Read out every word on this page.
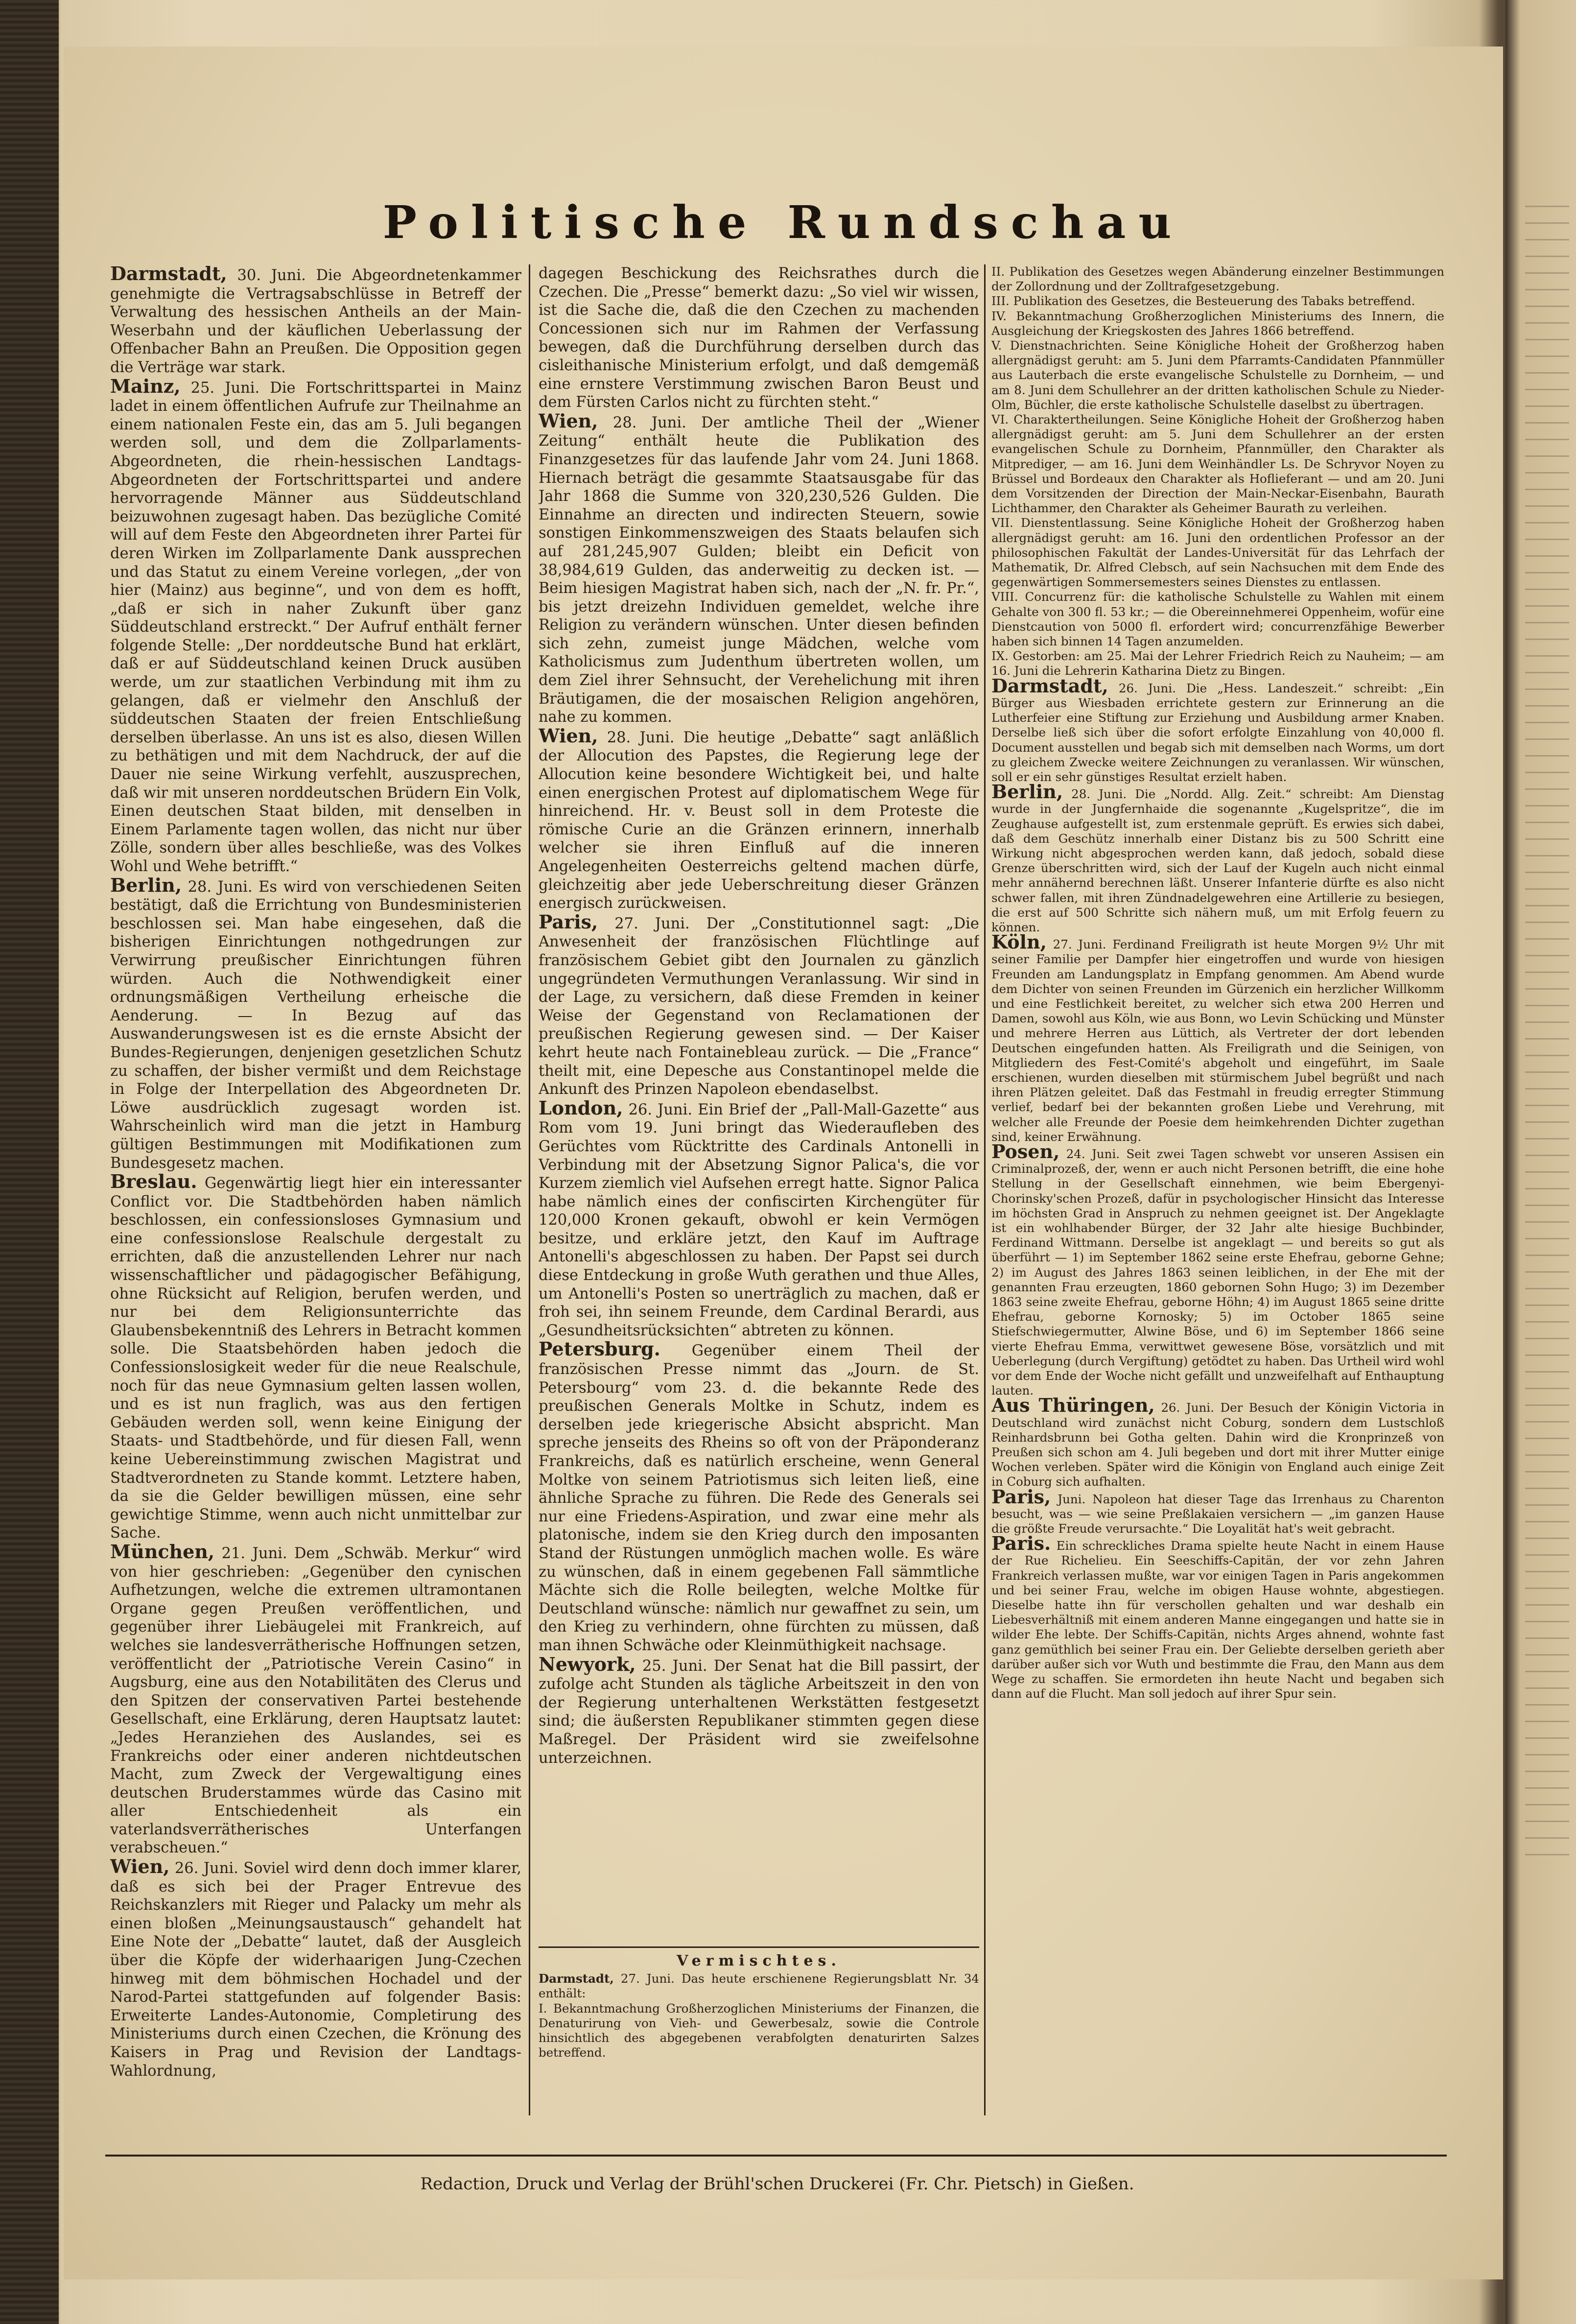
Politische Rundschau

Darmstadt, 30. Juni. Die Abgeordnetenkammer genehmigte die Vertragsabschlüsse in Betreff der Verwaltung des hessischen Antheils an der Main-Weserbahn und der käuflichen Ueberlassung der Offenbacher Bahn an Preußen. Die Opposition gegen die Verträge war stark.

Mainz, 25. Juni. Die Fortschrittspartei in Mainz ladet in einem öffentlichen Aufrufe zur Theilnahme an einem nationalen Feste ein, das am 5. Juli begangen werden soll, und dem die Zollparlaments-Abgeordneten, die rhein-hessischen Landtags-Abgeordneten der Fortschrittspartei und andere hervorragende Männer aus Süddeutschland beizuwohnen zugesagt haben. Das bezügliche Comité will auf dem Feste den Abgeordneten ihrer Partei für deren Wirken im Zollparlamente Dank aussprechen und das Statut zu einem Vereine vorlegen, „der von hier (Mainz) aus beginne“, und von dem es hofft, „daß er sich in naher Zukunft über ganz Süddeutschland erstreckt.“ Der Aufruf enthält ferner folgende Stelle: „Der norddeutsche Bund hat erklärt, daß er auf Süddeutschland keinen Druck ausüben werde, um zur staatlichen Verbindung mit ihm zu gelangen, daß er vielmehr den Anschluß der süddeutschen Staaten der freien Entschließung derselben überlasse. An uns ist es also, diesen Willen zu bethätigen und mit dem Nachdruck, der auf die Dauer nie seine Wirkung verfehlt, auszusprechen, daß wir mit unseren norddeutschen Brüdern Ein Volk, Einen deutschen Staat bilden, mit denselben in Einem Parlamente tagen wollen, das nicht nur über Zölle, sondern über alles beschließe, was des Volkes Wohl und Wehe betrifft.“

Berlin, 28. Juni. Es wird von verschiedenen Seiten bestätigt, daß die Errichtung von Bundesministerien beschlossen sei. Man habe eingesehen, daß die bisherigen Einrichtungen nothgedrungen zur Verwirrung preußischer Einrichtungen führen würden. Auch die Nothwendigkeit einer ordnungsmäßigen Vertheilung erheische die Aenderung. — In Bezug auf das Auswanderungswesen ist es die ernste Absicht der Bundes-Regierungen, denjenigen gesetzlichen Schutz zu schaffen, der bisher vermißt und dem Reichstage in Folge der Interpellation des Abgeordneten Dr. Löwe ausdrücklich zugesagt worden ist. Wahrscheinlich wird man die jetzt in Hamburg gültigen Bestimmungen mit Modifikationen zum Bundesgesetz machen.

Breslau. Gegenwärtig liegt hier ein interessanter Conflict vor. Die Stadtbehörden haben nämlich beschlossen, ein confessionsloses Gymnasium und eine confessionslose Realschule dergestalt zu errichten, daß die anzustellenden Lehrer nur nach wissenschaftlicher und pädagogischer Befähigung, ohne Rücksicht auf Religion, berufen werden, und nur bei dem Religionsunterrichte das Glaubensbekenntniß des Lehrers in Betracht kommen solle. Die Staatsbehörden haben jedoch die Confessionslosigkeit weder für die neue Realschule, noch für das neue Gymnasium gelten lassen wollen, und es ist nun fraglich, was aus den fertigen Gebäuden werden soll, wenn keine Einigung der Staats- und Stadtbehörde, und für diesen Fall, wenn keine Uebereinstimmung zwischen Magistrat und Stadtverordneten zu Stande kommt. Letztere haben, da sie die Gelder bewilligen müssen, eine sehr gewichtige Stimme, wenn auch nicht unmittelbar zur Sache.

München, 21. Juni. Dem „Schwäb. Merkur“ wird von hier geschrieben: „Gegenüber den cynischen Aufhetzungen, welche die extremen ultramontanen Organe gegen Preußen veröffentlichen, und gegenüber ihrer Liebäugelei mit Frankreich, auf welches sie landesverrätherische Hoffnungen setzen, veröffentlicht der „Patriotische Verein Casino“ in Augsburg, eine aus den Notabilitäten des Clerus und den Spitzen der conservativen Partei bestehende Gesellschaft, eine Erklärung, deren Hauptsatz lautet: „Jedes Heranziehen des Auslandes, sei es Frankreichs oder einer anderen nichtdeutschen Macht, zum Zweck der Vergewaltigung eines deutschen Bruderstammes würde das Casino mit aller Entschiedenheit als ein vaterlandsverrätherisches Unterfangen verabscheuen.“

Wien, 26. Juni. Soviel wird denn doch immer klarer, daß es sich bei der Prager Entrevue des Reichskanzlers mit Rieger und Palacky um mehr als einen bloßen „Meinungsaustausch“ gehandelt hat Eine Note der „Debatte“ lautet, daß der Ausgleich über die Köpfe der widerhaarigen Jung-Czechen hinweg mit dem böhmischen Hochadel und der Narod-Partei stattgefunden auf folgender Basis: Erweiterte Landes-Autonomie, Completirung des Ministeriums durch einen Czechen, die Krönung des Kaisers in Prag und Revision der Landtags-Wahlordnung,

dagegen Beschickung des Reichsrathes durch die Czechen. Die „Presse“ bemerkt dazu: „So viel wir wissen, ist die Sache die, daß die den Czechen zu machenden Concessionen sich nur im Rahmen der Verfassung bewegen, daß die Durchführung derselben durch das cisleithanische Ministerium erfolgt, und daß demgemäß eine ernstere Verstimmung zwischen Baron Beust und dem Fürsten Carlos nicht zu fürchten steht.“

Wien, 28. Juni. Der amtliche Theil der „Wiener Zeitung“ enthält heute die Publikation des Finanzgesetzes für das laufende Jahr vom 24. Juni 1868. Hiernach beträgt die gesammte Staatsausgabe für das Jahr 1868 die Summe von 320,230,526 Gulden. Die Einnahme an directen und indirecten Steuern, sowie sonstigen Einkommenszweigen des Staats belaufen sich auf 281,245,907 Gulden; bleibt ein Deficit von 38,984,619 Gulden, das anderweitig zu decken ist. — Beim hiesigen Magistrat haben sich, nach der „N. fr. Pr.“, bis jetzt dreizehn Individuen gemeldet, welche ihre Religion zu verändern wünschen. Unter diesen befinden sich zehn, zumeist junge Mädchen, welche vom Katholicismus zum Judenthum übertreten wollen, um dem Ziel ihrer Sehnsucht, der Verehelichung mit ihren Bräutigamen, die der mosaischen Religion angehören, nahe zu kommen.

Wien, 28. Juni. Die heutige „Debatte“ sagt anläßlich der Allocution des Papstes, die Regierung lege der Allocution keine besondere Wichtigkeit bei, und halte einen energischen Protest auf diplomatischem Wege für hinreichend. Hr. v. Beust soll in dem Proteste die römische Curie an die Gränzen erinnern, innerhalb welcher sie ihren Einfluß auf die inneren Angelegenheiten Oesterreichs geltend machen dürfe, gleichzeitig aber jede Ueberschreitung dieser Gränzen energisch zurückweisen.

Paris, 27. Juni. Der „Constitutionnel sagt: „Die Anwesenheit der französischen Flüchtlinge auf französischem Gebiet gibt den Journalen zu gänzlich ungegründeten Vermuthungen Veranlassung. Wir sind in der Lage, zu versichern, daß diese Fremden in keiner Weise der Gegenstand von Reclamationen der preußischen Regierung gewesen sind. — Der Kaiser kehrt heute nach Fontainebleau zurück. — Die „France“ theilt mit, eine Depesche aus Constantinopel melde die Ankunft des Prinzen Napoleon ebendaselbst.

London, 26. Juni. Ein Brief der „Pall-Mall-Gazette“ aus Rom vom 19. Juni bringt das Wiederaufleben des Gerüchtes vom Rücktritte des Cardinals Antonelli in Verbindung mit der Absetzung Signor Palica's, die vor Kurzem ziemlich viel Aufsehen erregt hatte. Signor Palica habe nämlich eines der confiscirten Kirchengüter für 120,000 Kronen gekauft, obwohl er kein Vermögen besitze, und erkläre jetzt, den Kauf im Auftrage Antonelli's abgeschlossen zu haben. Der Papst sei durch diese Entdeckung in große Wuth gerathen und thue Alles, um Antonelli's Posten so unerträglich zu machen, daß er froh sei, ihn seinem Freunde, dem Cardinal Berardi, aus „Gesundheitsrücksichten“ abtreten zu können.

Petersburg. Gegenüber einem Theil der französischen Presse nimmt das „Journ. de St. Petersbourg“ vom 23. d. die bekannte Rede des preußischen Generals Moltke in Schutz, indem es derselben jede kriegerische Absicht abspricht. Man spreche jenseits des Rheins so oft von der Präponderanz Frankreichs, daß es natürlich erscheine, wenn General Moltke von seinem Patriotismus sich leiten ließ, eine ähnliche Sprache zu führen. Die Rede des Generals sei nur eine Friedens-Aspiration, und zwar eine mehr als platonische, indem sie den Krieg durch den imposanten Stand der Rüstungen unmöglich machen wolle. Es wäre zu wünschen, daß in einem gegebenen Fall sämmtliche Mächte sich die Rolle beilegten, welche Moltke für Deutschland wünsche: nämlich nur gewaffnet zu sein, um den Krieg zu verhindern, ohne fürchten zu müssen, daß man ihnen Schwäche oder Kleinmüthigkeit nachsage.

Newyork, 25. Juni. Der Senat hat die Bill passirt, der zufolge acht Stunden als tägliche Arbeitszeit in den von der Regierung unterhaltenen Werkstätten festgesetzt sind; die äußersten Republikaner stimmten gegen diese Maßregel. Der Präsident wird sie zweifelsohne unterzeichnen.

II. Publikation des Gesetzes wegen Abänderung einzelner Bestimmungen der Zollordnung und der Zolltrafgesetzgebung.

III. Publikation des Gesetzes, die Besteuerung des Tabaks betreffend.

IV. Bekanntmachung Großherzoglichen Ministeriums des Innern, die Ausgleichung der Kriegskosten des Jahres 1866 betreffend.

V. Dienstnachrichten. Seine Königliche Hoheit der Großherzog haben allergnädigst geruht: am 5. Juni dem Pfarramts-Candidaten Pfannmüller aus Lauterbach die erste evangelische Schulstelle zu Dornheim, — und am 8. Juni dem Schullehrer an der dritten katholischen Schule zu Nieder-Olm, Büchler, die erste katholische Schulstelle daselbst zu übertragen.

VI. Charaktertheilungen. Seine Königliche Hoheit der Großherzog haben allergnädigst geruht: am 5. Juni dem Schullehrer an der ersten evangelischen Schule zu Dornheim, Pfannmüller, den Charakter als Mitprediger, — am 16. Juni dem Weinhändler Ls. De Schryvor Noyen zu Brüssel und Bordeaux den Charakter als Hoflieferant — und am 20. Juni dem Vorsitzenden der Direction der Main-Neckar-Eisenbahn, Baurath Lichthammer, den Charakter als Geheimer Baurath zu verleihen.

VII. Dienstentlassung. Seine Königliche Hoheit der Großherzog haben allergnädigst geruht: am 16. Juni den ordentlichen Professor an der philosophischen Fakultät der Landes-Universität für das Lehrfach der Mathematik, Dr. Alfred Clebsch, auf sein Nachsuchen mit dem Ende des gegenwärtigen Sommersemesters seines Dienstes zu entlassen.

VIII. Concurrenz für: die katholische Schulstelle zu Wahlen mit einem Gehalte von 300 fl. 53 kr.; — die Obereinnehmerei Oppenheim, wofür eine Dienstcaution von 5000 fl. erfordert wird; concurrenzfähige Bewerber haben sich binnen 14 Tagen anzumelden.

IX. Gestorben: am 25. Mai der Lehrer Friedrich Reich zu Nauheim; — am 16. Juni die Lehrerin Katharina Dietz zu Bingen.

Darmstadt, 26. Juni. Die „Hess. Landeszeit.“ schreibt: „Ein Bürger aus Wiesbaden errichtete gestern zur Erinnerung an die Lutherfeier eine Stiftung zur Erziehung und Ausbildung armer Knaben. Derselbe ließ sich über die sofort erfolgte Einzahlung von 40,000 fl. Document ausstellen und begab sich mit demselben nach Worms, um dort zu gleichem Zwecke weitere Zeichnungen zu veranlassen. Wir wünschen, soll er ein sehr günstiges Resultat erzielt haben.

Berlin, 28. Juni. Die „Nordd. Allg. Zeit.“ schreibt: Am Dienstag wurde in der Jungfernhaide die sogenannte „Kugelspritze“, die im Zeughause aufgestellt ist, zum erstenmale geprüft. Es erwies sich dabei, daß dem Geschütz innerhalb einer Distanz bis zu 500 Schritt eine Wirkung nicht abgesprochen werden kann, daß jedoch, sobald diese Grenze überschritten wird, sich der Lauf der Kugeln auch nicht einmal mehr annähernd berechnen läßt. Unserer Infanterie dürfte es also nicht schwer fallen, mit ihren Zündnadelgewehren eine Artillerie zu besiegen, die erst auf 500 Schritte sich nähern muß, um mit Erfolg feuern zu können.

Köln, 27. Juni. Ferdinand Freiligrath ist heute Morgen 9½ Uhr mit seiner Familie per Dampfer hier eingetroffen und wurde von hiesigen Freunden am Landungsplatz in Empfang genommen. Am Abend wurde dem Dichter von seinen Freunden im Gürzenich ein herzlicher Willkomm und eine Festlichkeit bereitet, zu welcher sich etwa 200 Herren und Damen, sowohl aus Köln, wie aus Bonn, wo Levin Schücking und Münster und mehrere Herren aus Lüttich, als Vertreter der dort lebenden Deutschen eingefunden hatten. Als Freiligrath und die Seinigen, von Mitgliedern des Fest-Comité's abgeholt und eingeführt, im Saale erschienen, wurden dieselben mit stürmischem Jubel begrüßt und nach ihren Plätzen geleitet. Daß das Festmahl in freudig erregter Stimmung verlief, bedarf bei der bekannten großen Liebe und Verehrung, mit welcher alle Freunde der Poesie dem heimkehrenden Dichter zugethan sind, keiner Erwähnung.

Posen, 24. Juni. Seit zwei Tagen schwebt vor unseren Assisen ein Criminalprozeß, der, wenn er auch nicht Personen betrifft, die eine hohe Stellung in der Gesellschaft einnehmen, wie beim Ebergenyi-Chorinsky'schen Prozeß, dafür in psychologischer Hinsicht das Interesse im höchsten Grad in Anspruch zu nehmen geeignet ist. Der Angeklagte ist ein wohlhabender Bürger, der 32 Jahr alte hiesige Buchbinder, Ferdinand Wittmann. Derselbe ist angeklagt — und bereits so gut als überführt — 1) im September 1862 seine erste Ehefrau, geborne Gehne; 2) im August des Jahres 1863 seinen leiblichen, in der Ehe mit der genannten Frau erzeugten, 1860 gebornen Sohn Hugo; 3) im Dezember 1863 seine zweite Ehefrau, geborne Höhn; 4) im August 1865 seine dritte Ehefrau, geborne Kornosky; 5) im October 1865 seine Stiefschwiegermutter, Alwine Böse, und 6) im September 1866 seine vierte Ehefrau Emma, verwittwet gewesene Böse, vorsätzlich und mit Ueberlegung (durch Vergiftung) getödtet zu haben. Das Urtheil wird wohl vor dem Ende der Woche nicht gefällt und unzweifelhaft auf Enthauptung lauten.

Aus Thüringen, 26. Juni. Der Besuch der Königin Victoria in Deutschland wird zunächst nicht Coburg, sondern dem Lustschloß Reinhardsbrunn bei Gotha gelten. Dahin wird die Kronprinzeß von Preußen sich schon am 4. Juli begeben und dort mit ihrer Mutter einige Wochen verleben. Später wird die Königin von England auch einige Zeit in Coburg sich aufhalten.

Paris, Juni. Napoleon hat dieser Tage das Irrenhaus zu Charenton besucht, was — wie seine Preßlakaien versichern — „im ganzen Hause die größte Freude verursachte.“ Die Loyalität hat's weit gebracht.

Paris. Ein schreckliches Drama spielte heute Nacht in einem Hause der Rue Richelieu. Ein Seeschiffs-Capitän, der vor zehn Jahren Frankreich verlassen mußte, war vor einigen Tagen in Paris angekommen und bei seiner Frau, welche im obigen Hause wohnte, abgestiegen. Dieselbe hatte ihn für verschollen gehalten und war deshalb ein Liebesverhältniß mit einem anderen Manne eingegangen und hatte sie in wilder Ehe lebte. Der Schiffs-Capitän, nichts Arges ahnend, wohnte fast ganz gemüthlich bei seiner Frau ein. Der Geliebte derselben gerieth aber darüber außer sich vor Wuth und bestimmte die Frau, den Mann aus dem Wege zu schaffen. Sie ermordeten ihn heute Nacht und begaben sich dann auf die Flucht. Man soll jedoch auf ihrer Spur sein.

Vermischtes.

Darmstadt, 27. Juni. Das heute erschienene Regierungsblatt Nr. 34 enthält:

I. Bekanntmachung Großherzoglichen Ministeriums der Finanzen, die Denaturirung von Vieh- und Gewerbesalz, sowie die Controle hinsichtlich des abgegebenen verabfolgten denaturirten Salzes betreffend.

Redaction, Druck und Verlag der Brühl'schen Druckerei (Fr. Chr. Pietsch) in Gießen.
